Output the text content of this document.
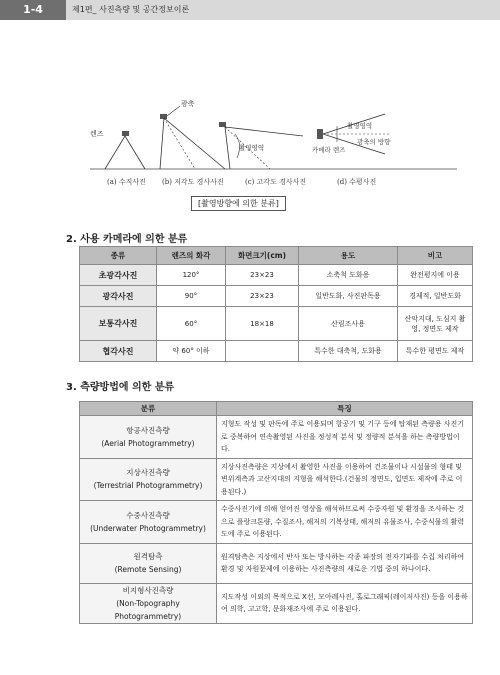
1-4	제1편_ 사진측량 및 공간정보이론
렌즈
광축
촬영영역
촬영영역
카메라 렌즈
광축의 방향
(a) 수직사진 (b) 저각도 경사사진	(c) 고각도 경사사진	(d) 수평사진
[촬영방향에 의한 분류]
2. 사용 카메라에 의한 분류
종류	렌즈의 화각	화면크기(cm)	용도	비고
초광각사진	120°	23×23	소축척 도화용	완전평지에 이용
광각사진	90°	23×23	일반도화, 사진판독용	경제적, 일반도화
보통각사진	60°	18×18	산림조사용	산악지대, 도심지 촬영, 정면도 제작
협각사진	약 60° 이하		특수한 대축척, 도화용	특수한 평면도 제작
3. 측량방법에 의한 분류
분류	특징

항공사진측량
(Aerial Photogrammetry)	지형도 작성 및 판독에 주로 이용되며 항공기 및 기구 등에 탑재된 측량용 사진기로 중복하여 연속촬영된 사진을 정성적 분석 및 정량적 분석을 하는 측량방법이다.

지상사진측량
(Terrestrial Photogrammetry)	지상사진측량은 지상에서 촬영한 사진을 이용하여 건조물이나 시설물의 형태 및 변위계측과 고산지대의 지형을 해석한다.(건물의 정면도, 입면도 제작에 주로 이용된다.)

수중사진측량
(Underwater Photogrammetry)	수중사진기에 의해 얻어진 영상을 해석하므로써 수중자원 및 환경을 조사하는 것으로 플랑크톤량, 수질조사, 해저의 기복상태, 해저의 유물조사, 수중식물의 활력도에 주로 이용된다.

원격탐측
(Remote Sensing)	원격탐측은 지상에서 반사 또는 방사하는 각종 파장의 전자기파를 수집 처리하여 환경 및 자원문제에 이용하는 사진측량의 새로운 기법 중의 하나이다.

비지형사진측량
(Non-Topography Photogrammetry)	지도작성 이외의 목적으로 X선, 모아레사진, 홀로그래픽(레이저사진) 등을 이용하여 의학, 고고학, 문화재조사에 주로 이용된다.
